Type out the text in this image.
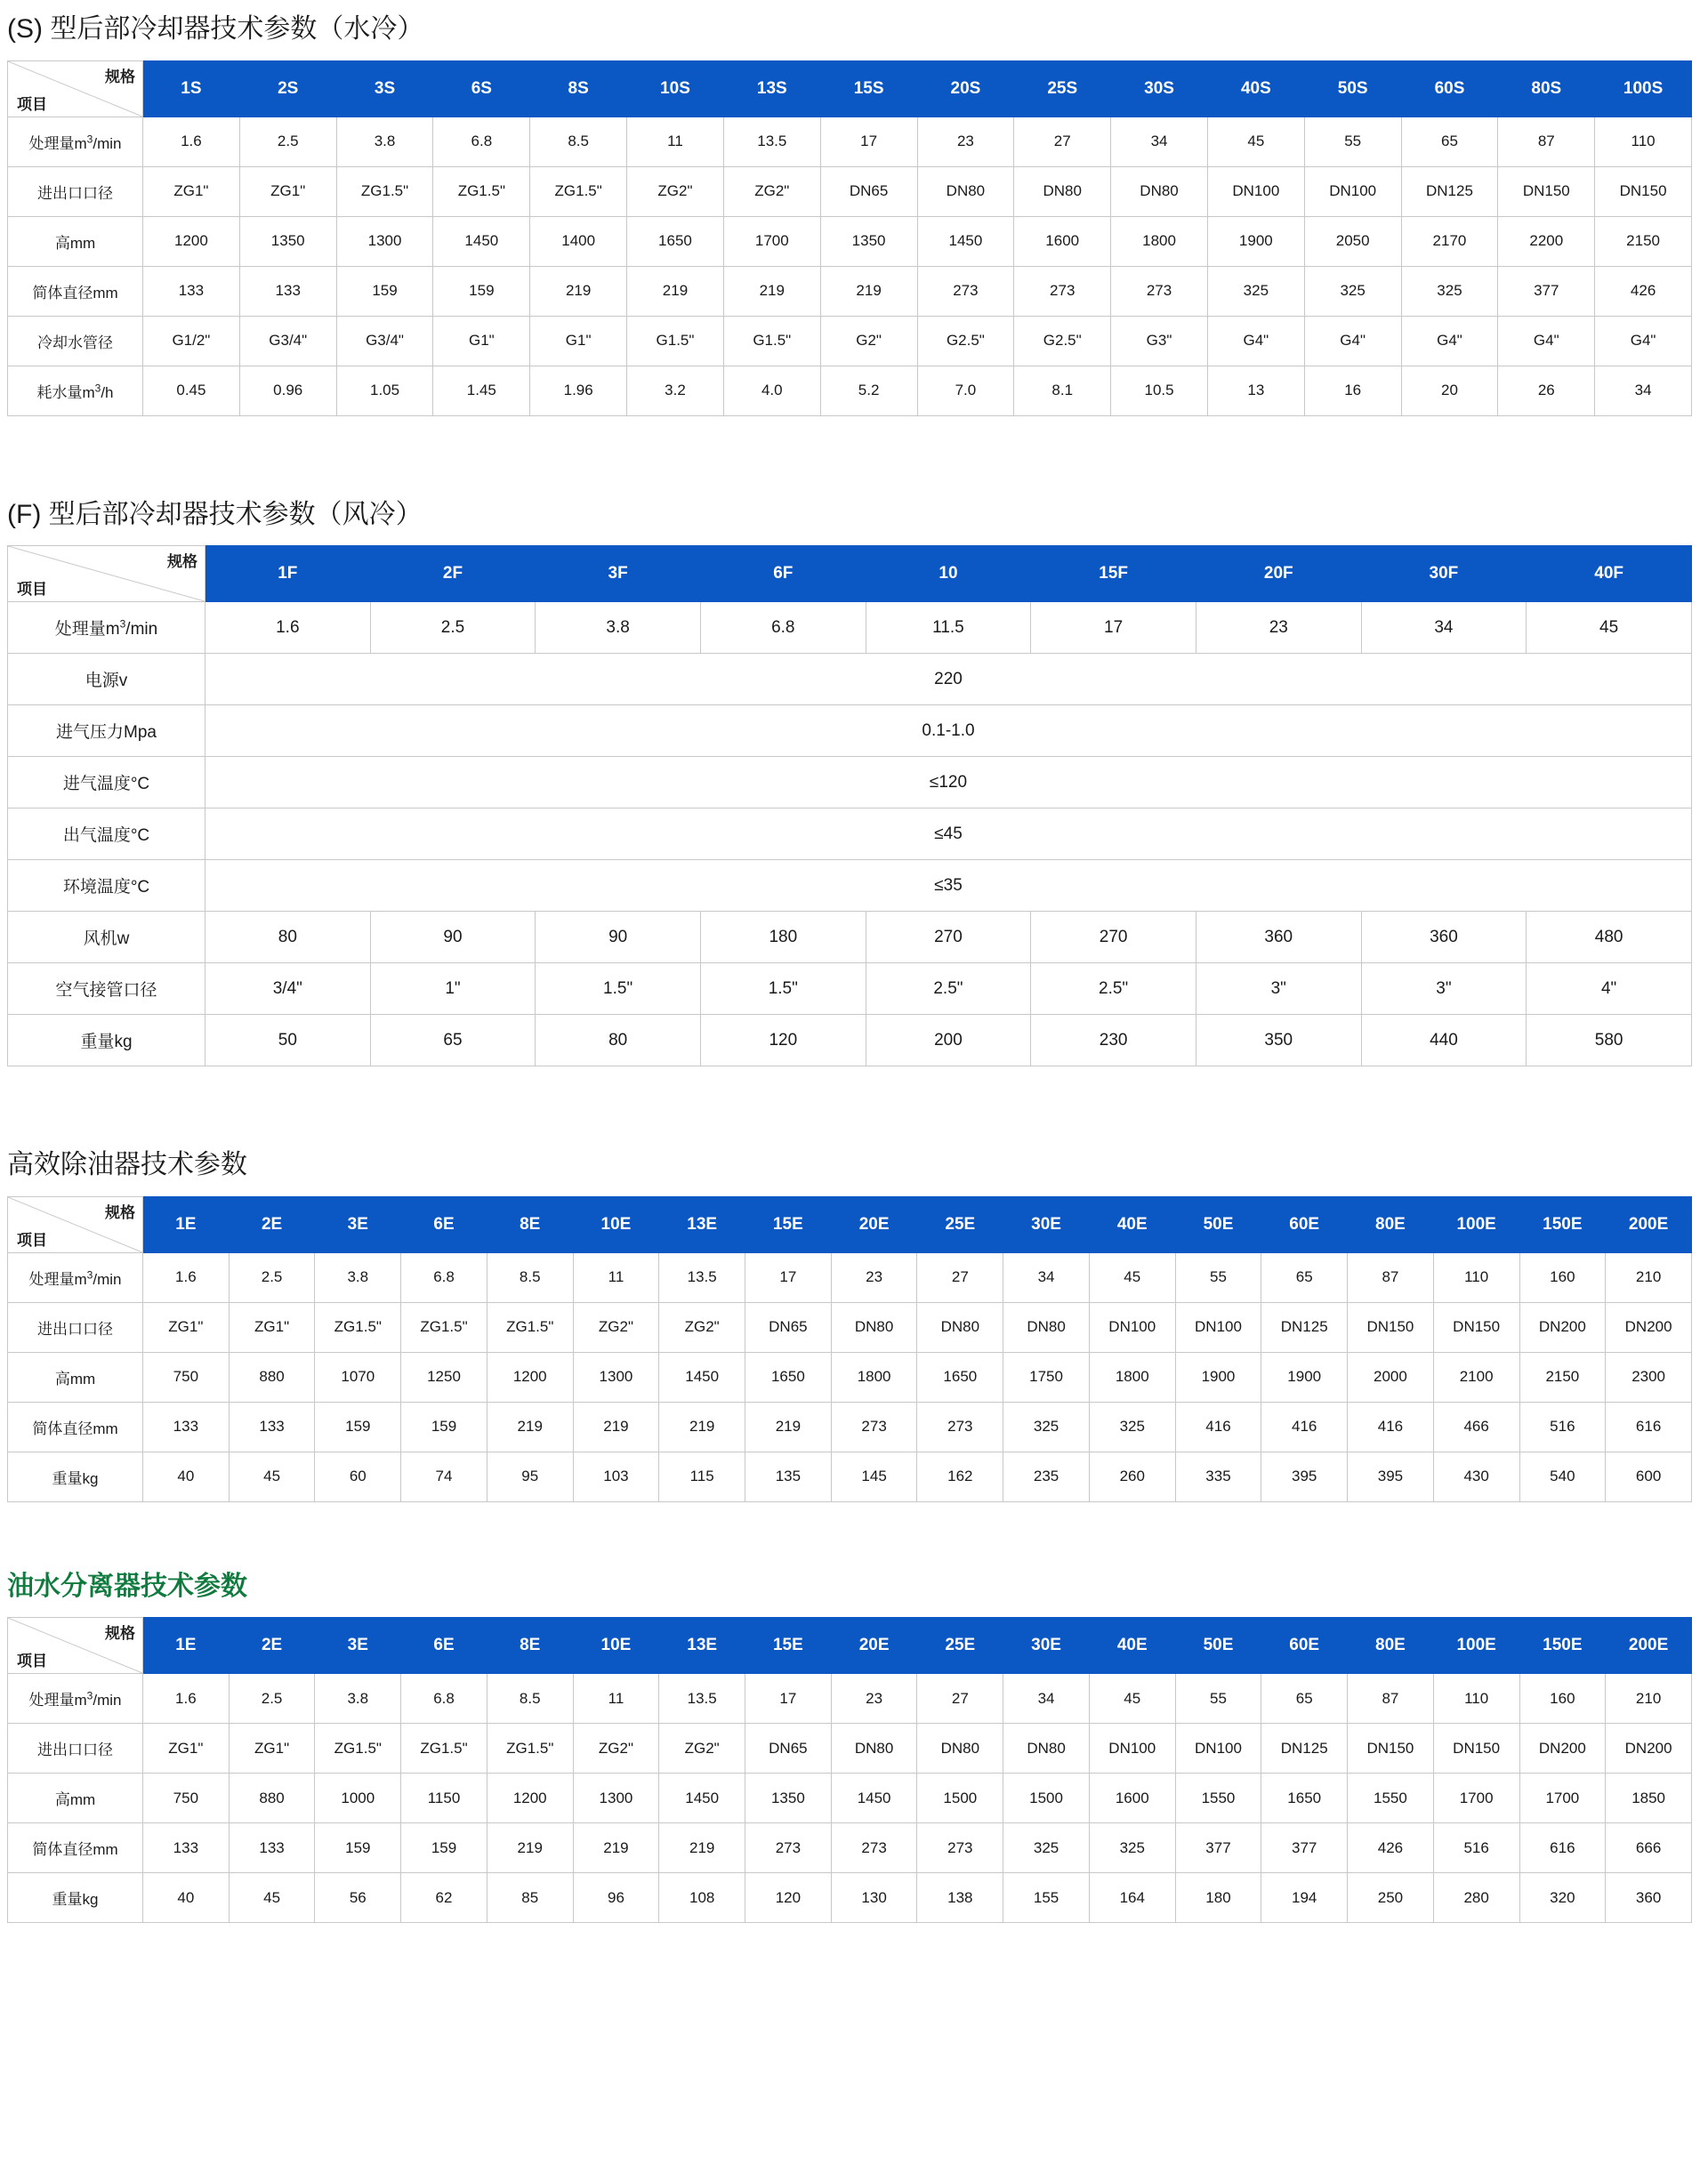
(S) 型后部冷却器技术参数（水冷）
规格
项目	1S	2S	3S	6S	8S	10S	13S	15S	20S	25S	30S	40S	50S	60S	80S	100S
处理量$m^3/\min$	1.6	2.5	3.8	6.8	8.5	11	13.5	17	23	27	34	45	55	65	87	110
进出口口径	ZG1"	ZG1"	ZG1.5"	ZG1.5"	ZG1.5"	ZG2"	ZG2"	DN65	DN80	DN80	DN80	DN100	DN100	DN125	DN150	DN150
高mm	1200	1350	1300	1450	1400	1650	1700	1350	1450	1600	1800	1900	2050	2170	2200	2150
简体直径mm	133	133	159	159	219	219	219	219	273	273	273	325	325	325	377	426
冷却水管径	G1/2"	G3/4"	G3/4"	G1"	G1"	G1.5"	G1.5"	G2"	G2.5"	G2.5"	G3"	G4"	G4"	G4"	G4"	G4"
耗水量$m^3/h$	0.45	0.96	1.05	1.45	1.96	3.2	4.0	5.2	7.0	8.1	10.5	13	16	20	26	34
(F) 型后部冷却器技术参数（风冷）
规格
项目	1F	2F	3F	6F	10	15F	20F	30F	40F
处理量$m^3/\min$	1.6	2.5	3.8	6.8	11.5	17	23	34	45
电源v	220								
进气压力Mpa	0.1-1.0								
进气温度°C	≤120								
出气温度°C	≤45								
环境温度°C	≤35								
风机w	80	90	90	180	270	270	360	360	480
空气接管口径	3/4"	1"	1.5"	1.5"	2.5"	2.5"	3"	3"	4"
重量kg	50	65	80	120	200	230	350	440	580
高效除油器技术参数
规格
项目	1E	2E	3E	6E	8E	10E	13E	15E	20E	25E	30E	40E	50E	60E	80E	100E	150E	200E
处理量$m^3/\min$	1.6	2.5	3.8	6.8	8.5	11	13.5	17	23	27	34	45	55	65	87	110	160	210
进出口口径	ZG1"	ZG1"	ZG1.5"	ZG1.5"	ZG1.5"	ZG2"	ZG2"	DN65	DN80	DN80	DN80	DN100	DN100	DN125	DN150	DN150	DN200	DN200
高mm	750	880	1070	1250	1200	1300	1450	1650	1800	1650	1750	1800	1900	1900	2000	2100	2150	2300
简体直径mm	133	133	159	159	219	219	219	219	273	273	325	325	416	416	416	466	516	616
重量kg	40	45	60	74	95	103	115	135	145	162	235	260	335	395	395	430	540	600
油水分离器技术参数
规格
项目	1E	2E	3E	6E	8E	10E	13E	15E	20E	25E	30E	40E	50E	60E	80E	100E	150E	200E
处理量$m^3/\min$	1.6	2.5	3.8	6.8	8.5	11	13.5	17	23	27	34	45	55	65	87	110	160	210
进出口口径	ZG1"	ZG1"	ZG1.5"	ZG1.5"	ZG1.5"	ZG2"	ZG2"	DN65	DN80	DN80	DN80	DN100	DN100	DN125	DN150	DN150	DN200	DN200
高mm	750	880	1000	1150	1200	1300	1450	1350	1450	1500	1500	1600	1550	1650	1550	1700	1700	1850
简体直径mm	133	133	159	159	219	219	219	273	273	273	325	325	377	377	426	516	616	666
重量kg	40	45	56	62	85	96	108	120	130	138	155	164	180	194	250	280	320	360
